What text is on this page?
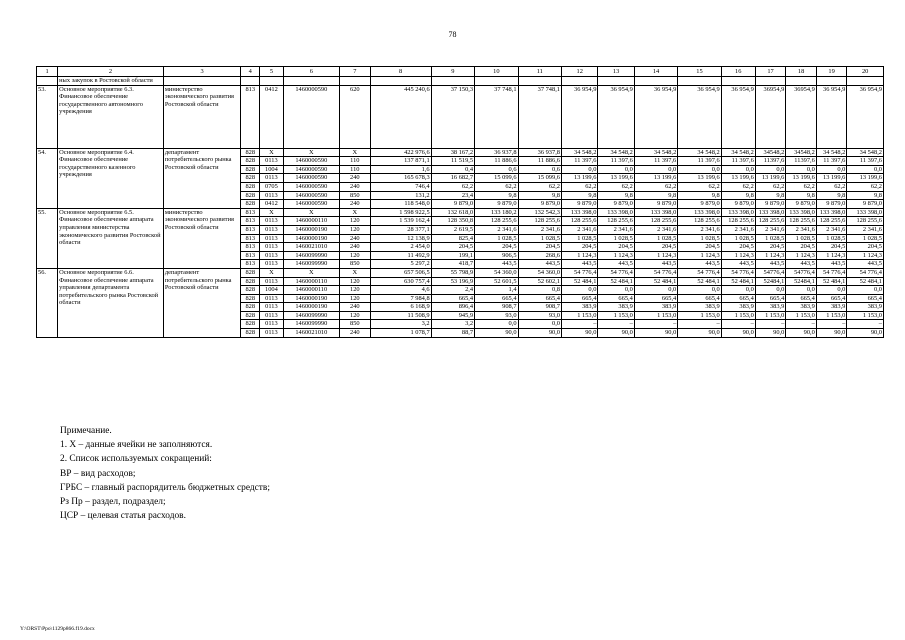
78
1	2	3	4	5	6	7	8	9	10	11	12	13	14	15	16	17	18	19	20
	ных закупок в Ростовской области																		
53.	Основное мероприятие 6.3. Финансовое обеспечение государственного автономного учреждения	министерство экономического развития Ростовской области	813	0412	1460000590	620	445 240,6	37 150,3	37 748,1	37 748,1	36 954,9	36 954,9	36 954,9	36 954,9	36 954,9	36954,9	36954,9	36 954,9	36 954,9
54.	Основное мероприятие 6.4. Финансовое обеспечение государственного казенного учреждения	департамент потребительского рынка Ростовской области	828	X	X	X	422 976,6	38 167,2	36 937,8	36 937,8	34 548,2	34 548,2	34 548,2	34 548,2	34 548,2	34548,2	34548,2	34 548,2	34 548,2
			828	0113	1460000590	110	137 871,1	11 519,5	11 886,6	11 886,6	11 397,6	11 397,6	11 397,6	11 397,6	11 397,6	11397,6	11397,6	11 397,6	11 397,6
			828	1004	1460000590	110	1,6	0,4	0,6	0,6	0,0	0,0	0,0	0,0	0,0	0,0	0,0	0,0	0,0
			828	0113	1460000590	240	165 678,3	16 682,7	15 099,6	15 099,6	13 199,6	13 199,6	13 199,6	13 199,6	13 199,6	13 199,6	13 199,6	13 199,6	13 199,6
			828	0705	1460000590	240	746,4	62,2	62,2	62,2	62,2	62,2	62,2	62,2	62,2	62,2	62,2	62,2	62,2
			828	0113	1460000590	850	131,2	23,4	9,8	9,8	9,8	9,8	9,8	9,8	9,8	9,8	9,8	9,8	9,8
			828	0412	1460000590	240	118 548,0	9 879,0	9 879,0	9 879,0	9 879,0	9 879,0	9 879,0	9 879,0	9 879,0	9 879,0	9 879,0	9 879,0	9 879,0
55.	Основное мероприятие 6.5. Финансовое обеспечение аппарата управления министерства экономического развития Ростовской области	министерство экономического развития Ростовской области	813	X	X	X	1 598 922,5	132 618,0	133 180,2	132 542,3	133 398,0	133 398,0	133 398,0	133 398,0	133 398,0	133 398,0	133 398,0	133 398,0	133 398,0
			813	0113	1460000110	120	1 539 162,4	128 350,8	128 255,6	128 255,6	128 255,6	128 255,6	128 255,6	128 255,6	128 255,6	128 255,6	128 255,6	128 255,6	128 255,6
			813	0113	1460000190	120	28 377,1	2 619,5	2 341,6	2 341,6	2 341,6	2 341,6	2 341,6	2 341,6	2 341,6	2 341,6	2 341,6	2 341,6	2 341,6
			813	0113	1460000190	240	12 138,9	825,4	1 028,5	1 028,5	1 028,5	1 028,5	1 028,5	1 028,5	1 028,5	1 028,5	1 028,5	1 028,5	1 028,5
			813	0113	1460021010	240	2 454,0	204,5	204,5	204,5	204,5	204,5	204,5	204,5	204,5	204,5	204,5	204,5	204,5
			813	0113	1460099990	120	11 492,9	199,1	906,5	268,6	1 124,3	1 124,3	1 124,3	1 124,3	1 124,3	1 124,3	1 124,3	1 124,3	1 124,3
			813	0113	1460099990	850	5 297,2	418,7	443,5	443,5	443,5	443,5	443,5	443,5	443,5	443,5	443,5	443,5	443,5
56.	Основное мероприятие 6.6. Финансовое обеспечение аппарата управления департамента потребительского рынка Ростовской области	департамент потребительского рынка Ростовской области	828	X	X	X	657 506,5	55 798,9	54 360,0	54 360,0	54 776,4	54 776,4	54 776,4	54 776,4	54 776,4	54776,4	54776,4	54 776,4	54 776,4
			828	0113	1460000110	120	630 757,4	53 196,9	52 601,5	52 602,1	52 484,1	52 484,1	52 484,1	52 484,1	52 484,1	52484,1	52484,1	52 484,1	52 484,1
			828	1004	1460000110	120	4,6	2,4	1,4	0,8	0,0	0,0	0,0	0,0	0,0	0,0	0,0	0,0	0,0
			828	0113	1460000190	120	7 984,8	665,4	665,4	665,4	665,4	665,4	665,4	665,4	665,4	665,4	665,4	665,4	665,4
			828	0113	1460000190	240	6 168,9	896,4	908,7	908,7	383,9	383,9	383,9	383,9	383,9	383,9	383,9	383,9	383,9
			828	0113	1460099990	120	11 508,9	945,9	93,0	93,0	1 153,0	1 153,0	1 153,0	1 153,0	1 153,0	1 153,0	1 153,0	1 153,0	1 153,0
			828	0113	1460099990	850	3,2	3,2	0,0	0,0	–	–	–	–	–	–	–	–	–
			828	0113	1460021010	240	1 078,7	88,7	90,0	90,0	90,0	90,0	90,0	90,0	90,0	90,0	90,0	90,0	90,0
Примечание.
1. Х – данные ячейки не заполняются.
2. Список используемых сокращений:
ВР – вид расходов;
ГРБС – главный распорядитель бюджетных средств;
Рз Пр – раздел, подраздел;
ЦСР – целевая статья расходов.
Y:\ORST\Ppo\1129p866.f19.docx
